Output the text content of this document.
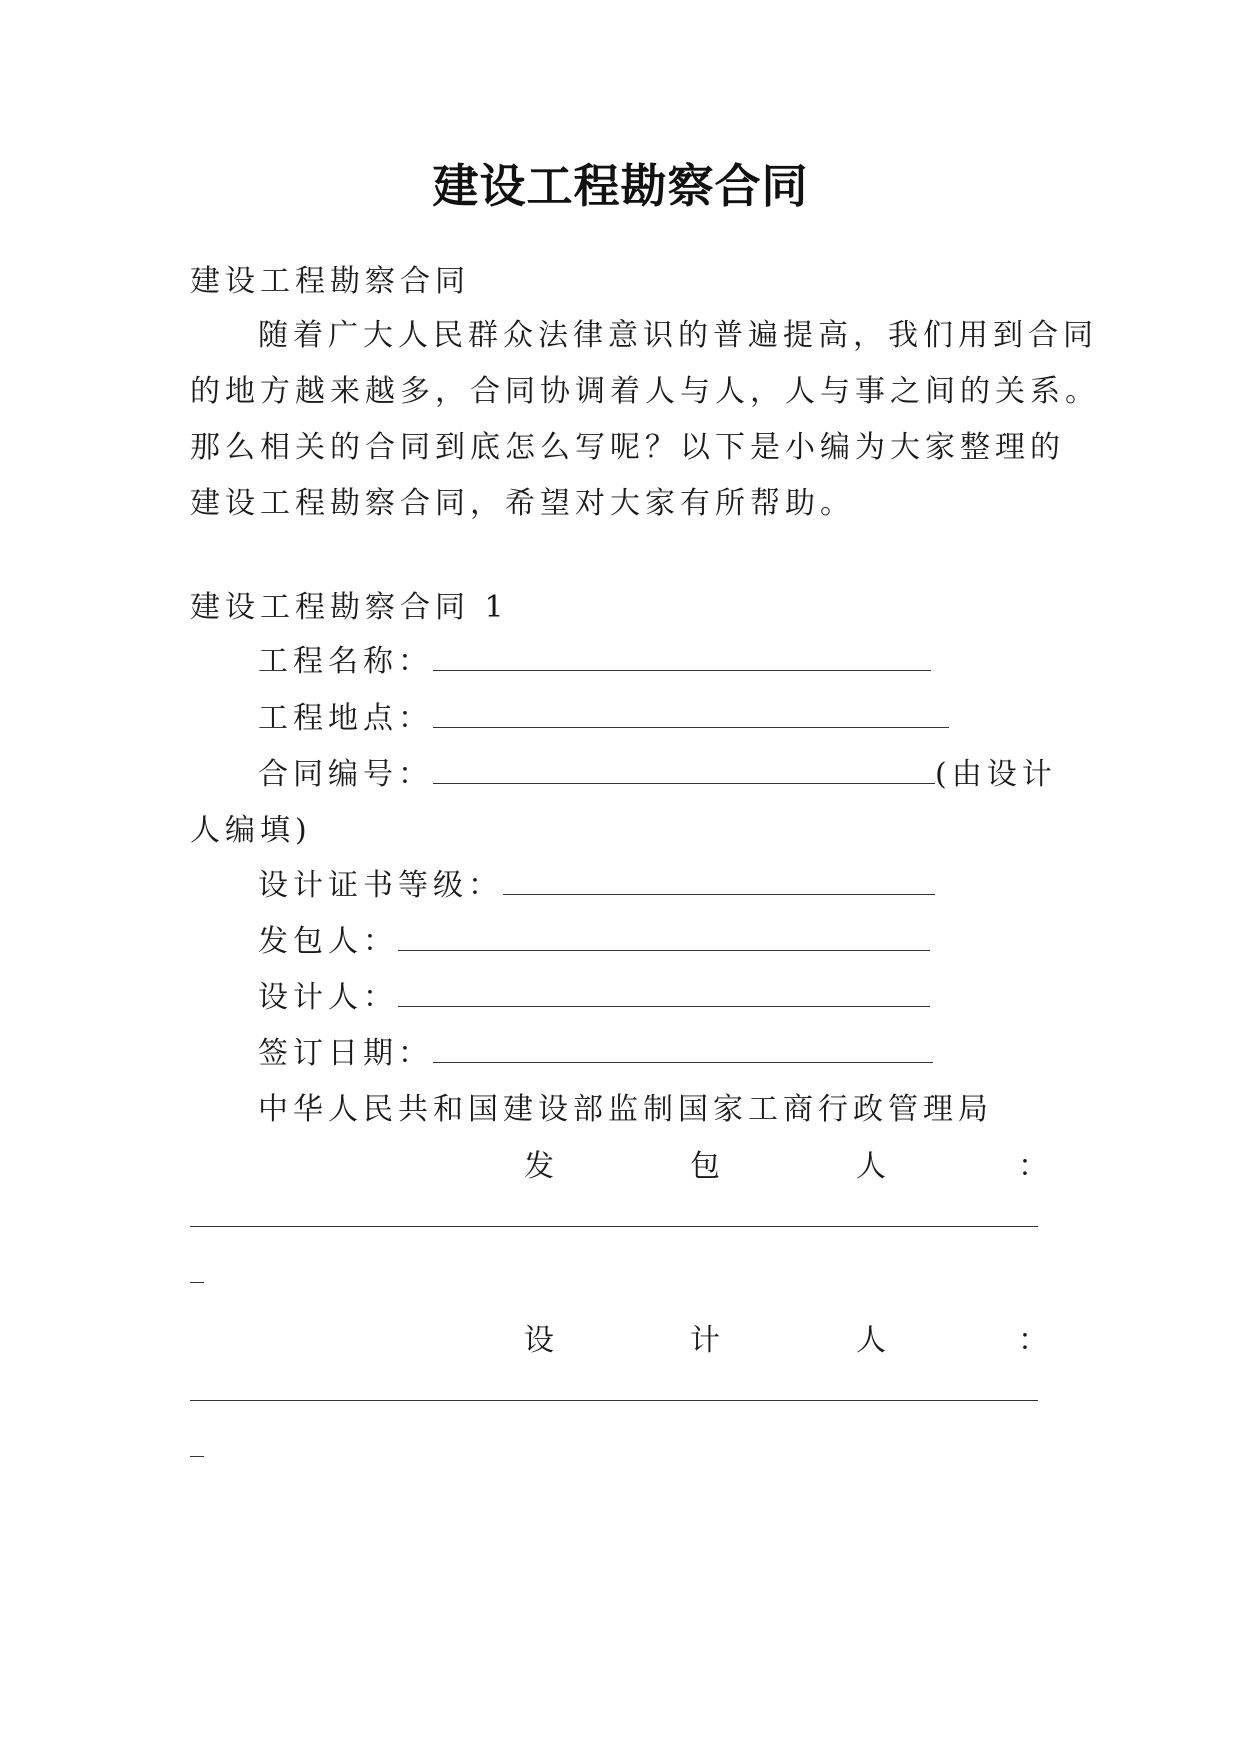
建设工程勘察合同
建设工程勘察合同
随着广大人民群众法律意识的普遍提高，我们用到合同
的地方越来越多，合同协调着人与人，人与事之间的关系。
那么相关的合同到底怎么写呢？以下是小编为大家整理的
建设工程勘察合同，希望对大家有所帮助。
建设工程勘察合同 1
工程名称：
工程地点：
合同编号：	(由设计
人编填)
设计证书等级：
发包人：
设计人：
签订日期：
中华人民共和国建设部监制国家工商行政管理局
发	包	人	：
设	计	人	：
